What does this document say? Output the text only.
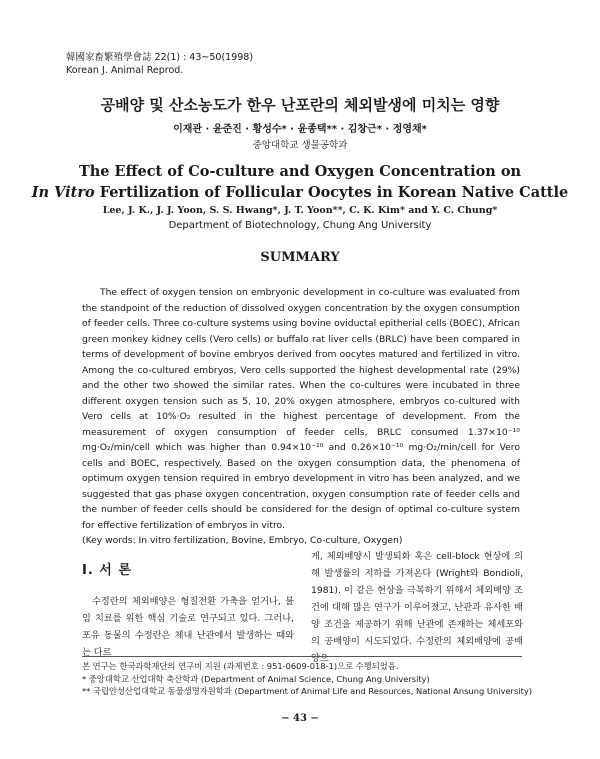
韓國家畜繁殖學會誌 22(1) : 43~50(1998)
Korean J. Animal Reprod.
공배양 및 산소농도가 한우 난포란의 체외발생에 미치는 영향
이재관 · 윤준진 · 황성수* · 윤종택** · 김창근* · 정영채*
중앙대학교 생물공학과
The Effect of Co-culture and Oxygen Concentration on
In Vitro Fertilization of Follicular Oocytes in Korean Native Cattle
Lee, J. K., J. J. Yoon, S. S. Hwang*, J. T. Yoon**, C. K. Kim* and Y. C. Chung*
Department of Biotechnology, Chung Ang University
SUMMARY

The effect of oxygen tension on embryonic development in co-culture was evaluated from the standpoint of the reduction of dissolved oxygen concentration by the oxygen consumption of feeder cells. Three co-culture systems using bovine oviductal epitherial cells (BOEC), African green monkey kidney cells (Vero cells) or buffalo rat liver cells (BRLC) have been compared in terms of development of bovine embryos derived from oocytes matured and fertilized in vitro. Among the co-cultured embryos, Vero cells supported the highest developmental rate (29%) and the other two showed the similar rates. When the co-cultures were incubated in three different oxygen tension such as 5, 10, 20% oxygen atmosphere, embryos co-cultured with Vero cells at 10%·O₂ resulted in the highest percentage of development. From the measurement of oxygen consumption of feeder cells, BRLC consumed 1.37×10⁻¹⁰ mg·O₂/min/cell which was higher than 0.94×10⁻¹⁰ and 0.26×10⁻¹⁰ mg·O₂/min/cell for Vero cells and BOEC, respectively. Based on the oxygen consumption data, the phenomena of optimum oxygen tension required in embryo development in vitro has been analyzed, and we suggested that gas phase oxygen concentration, oxygen consumption rate of feeder cells and the number of feeder cells should be considered for the design of optimal co-culture system for effective fertilization of embryos in vitro.

(Key words: In vitro fertilization, Bovine, Embryo, Co-culture, Oxygen)
Ⅰ. 서 론

수정란의 체외배양은 형질전환 가축을 얻거나, 불임 치료를 위한 핵심 기술로 연구되고 있다. 그러나, 포유 동물의 수정란은 체내 난관에서 발생하는 때와는 다르

게, 체외배양시 발생퇴화 혹은 cell-block 현상에 의해 발생률의 저하를 가져온다 (Wright와 Bondioli, 1981). 이 같은 현상을 극복하기 위해서 체외배양 조건에 대해 많은 연구가 이루어졌고, 난관과 유사한 배양 조건을 제공하기 위해 난관에 존재하는 체세포와의 공배양이 시도되었다. 수정란의 체외배양에 공배양으

본 연구는 한국과학재단의 연구비 지원 (과제번호 : 951-0609-018-1)으로 수행되었음.
* 중앙대학교 산업대학 축산학과 (Department of Animal Science, Chung Ang University)
** 국립안성산업대학교 동물생명자원학과 (Department of Animal Life and Resources, National Ansung University)
− 43 −
